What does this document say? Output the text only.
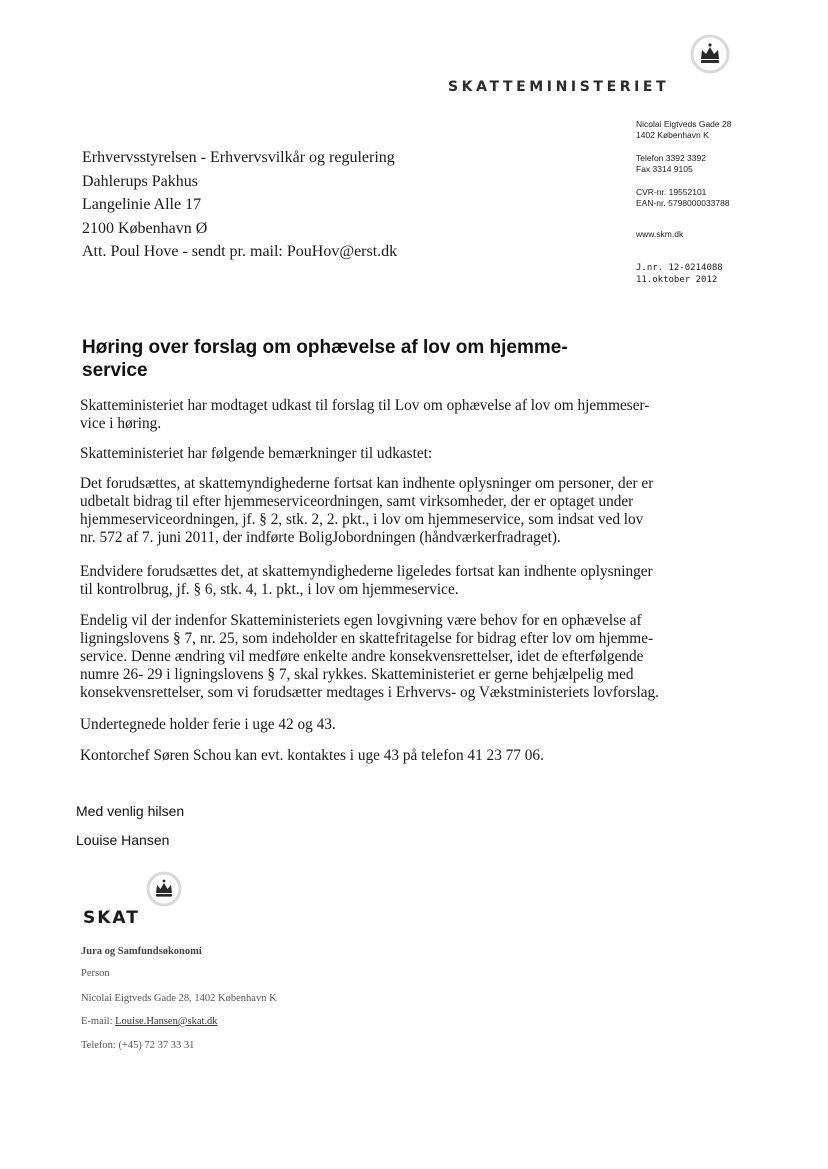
SKATTEMINISTERIET
Nicolai Eigtveds Gade 28
1402 København K
Telefon 3392 3392
Fax 3314 9105
CVR-nr. 19552101
EAN-nr. 5798000033788
www.skm.dk
J.nr. 12-0214088
11.oktober 2012
Erhvervsstyrelsen - Erhvervsvilkår og regulering
Dahlerups Pakhus
Langelinie Alle 17
2100 København Ø
Att. Poul Hove - sendt pr. mail: PouHov@erst.dk
Høring over forslag om ophævelse af lov om hjemme-
service
Skatteministeriet har modtaget udkast til forslag til Lov om ophævelse af lov om hjemmeser-
vice i høring.
Skatteministeriet har følgende bemærkninger til udkastet:
Det forudsættes, at skattemyndighederne fortsat kan indhente oplysninger om personer, der er
udbetalt bidrag til efter hjemmeserviceordningen, samt virksomheder, der er optaget under
hjemmeserviceordningen, jf. § 2, stk. 2, 2. pkt., i lov om hjemmeservice, som indsat ved lov
nr. 572 af 7. juni 2011, der indførte BoligJobordningen (håndværkerfradraget).
Endvidere forudsættes det, at skattemyndighederne ligeledes fortsat kan indhente oplysninger
til kontrolbrug, jf. § 6, stk. 4, 1. pkt., i lov om hjemmeservice.
Endelig vil der indenfor Skatteministeriets egen lovgivning være behov for en ophævelse af
ligningslovens § 7, nr. 25, som indeholder en skattefritagelse for bidrag efter lov om hjemme-
service. Denne ændring vil medføre enkelte andre konsekvensrettelser, idet de efterfølgende
numre 26- 29 i ligningslovens § 7, skal rykkes. Skatteministeriet er gerne behjælpelig med
konsekvensrettelser, som vi forudsætter medtages i Erhvervs- og Vækstministeriets lovforslag.
Undertegnede holder ferie i uge 42 og 43.
Kontorchef Søren Schou kan evt. kontaktes i uge 43 på telefon 41 23 77 06.
Med venlig hilsen
Louise Hansen
SKAT
Jura og Samfundsøkonomi
Person
Nicolai Eigtveds Gade 28, 1402 København K
E-mail: Louise.Hansen@skat.dk
Telefon: (+45) 72 37 33 31
